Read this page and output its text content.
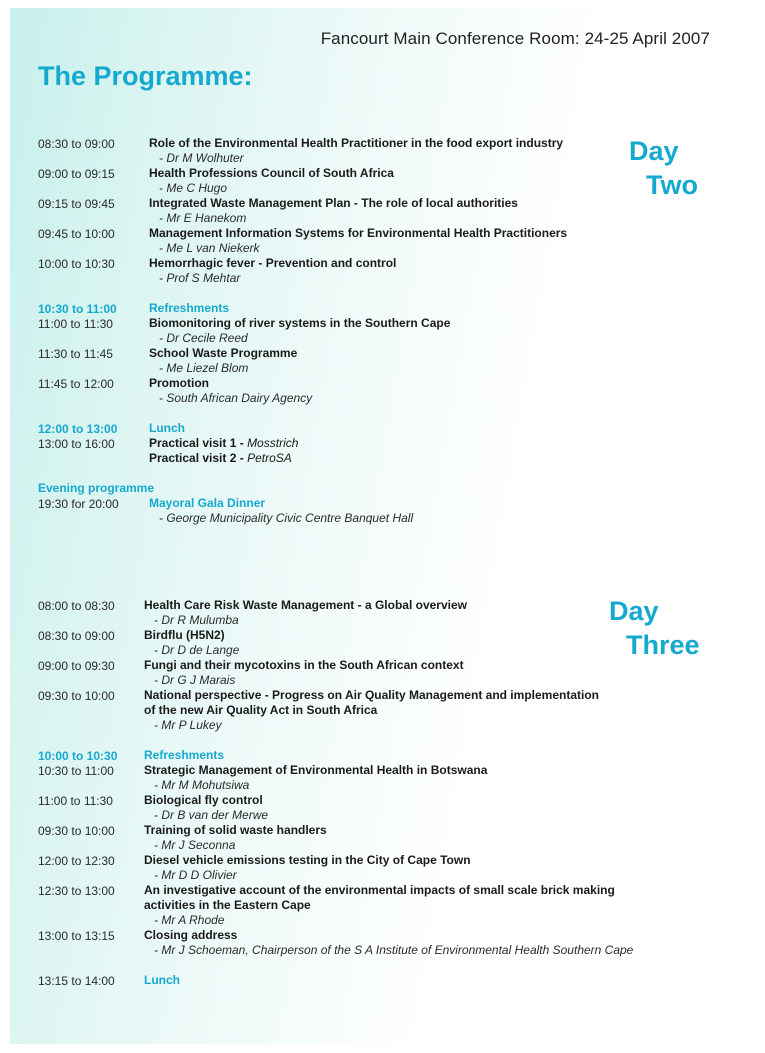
Fancourt Main Conference Room: 24-25 April 2007
The Programme:
Day
Two
Day
Three
08:30 to 09:00	Role of the Environmental Health Practitioner in the food export industry
- Dr M Wolhuter
09:00 to 09:15	Health Professions Council of South Africa
- Me C Hugo
09:15 to 09:45	Integrated Waste Management Plan - The role of local authorities
- Mr E Hanekom
09:45 to 10:00	Management Information Systems for Environmental Health Practitioners
- Me L van Niekerk
10:00 to 10:30	Hemorrhagic fever - Prevention and control
- Prof S Mehtar
10:30 to 11:00	Refreshments
11:00 to 11:30	Biomonitoring of river systems in the Southern Cape
- Dr Cecile Reed
11:30 to 11:45	School Waste Programme
- Me Liezel Blom
11:45 to 12:00	Promotion
- South African Dairy Agency
12:00 to 13:00	Lunch
13:00 to 16:00	Practical visit 1 - Mosstrich
Practical visit 2 - PetroSA
Evening programme
19:30 for 20:00	Mayoral Gala Dinner
- George Municipality Civic Centre Banquet Hall
08:00 to 08:30	Health Care Risk Waste Management - a Global overview
- Dr R Mulumba
08:30 to 09:00	Birdflu (H5N2)
- Dr D de Lange
09:00 to 09:30	Fungi and their mycotoxins in the South African context
- Dr G J Marais
09:30 to 10:00	National perspective - Progress on Air Quality Management and implementation
of the new Air Quality Act in South Africa
- Mr P Lukey
10:00 to 10:30	Refreshments
10:30 to 11:00	Strategic Management of Environmental Health in Botswana
- Mr M Mohutsiwa
11:00 to 11:30	Biological fly control
- Dr B van der Merwe
09:30 to 10:00	Training of solid waste handlers
- Mr J Seconna
12:00 to 12:30	Diesel vehicle emissions testing in the City of Cape Town
- Mr D D Olivier
12:30 to 13:00	An investigative account of the environmental impacts of small scale brick making
activities in the Eastern Cape
- Mr A Rhode
13:00 to 13:15	Closing address
- Mr J Schoeman, Chairperson of the S A Institute of Environmental Health Southern Cape
13:15 to 14:00	Lunch
